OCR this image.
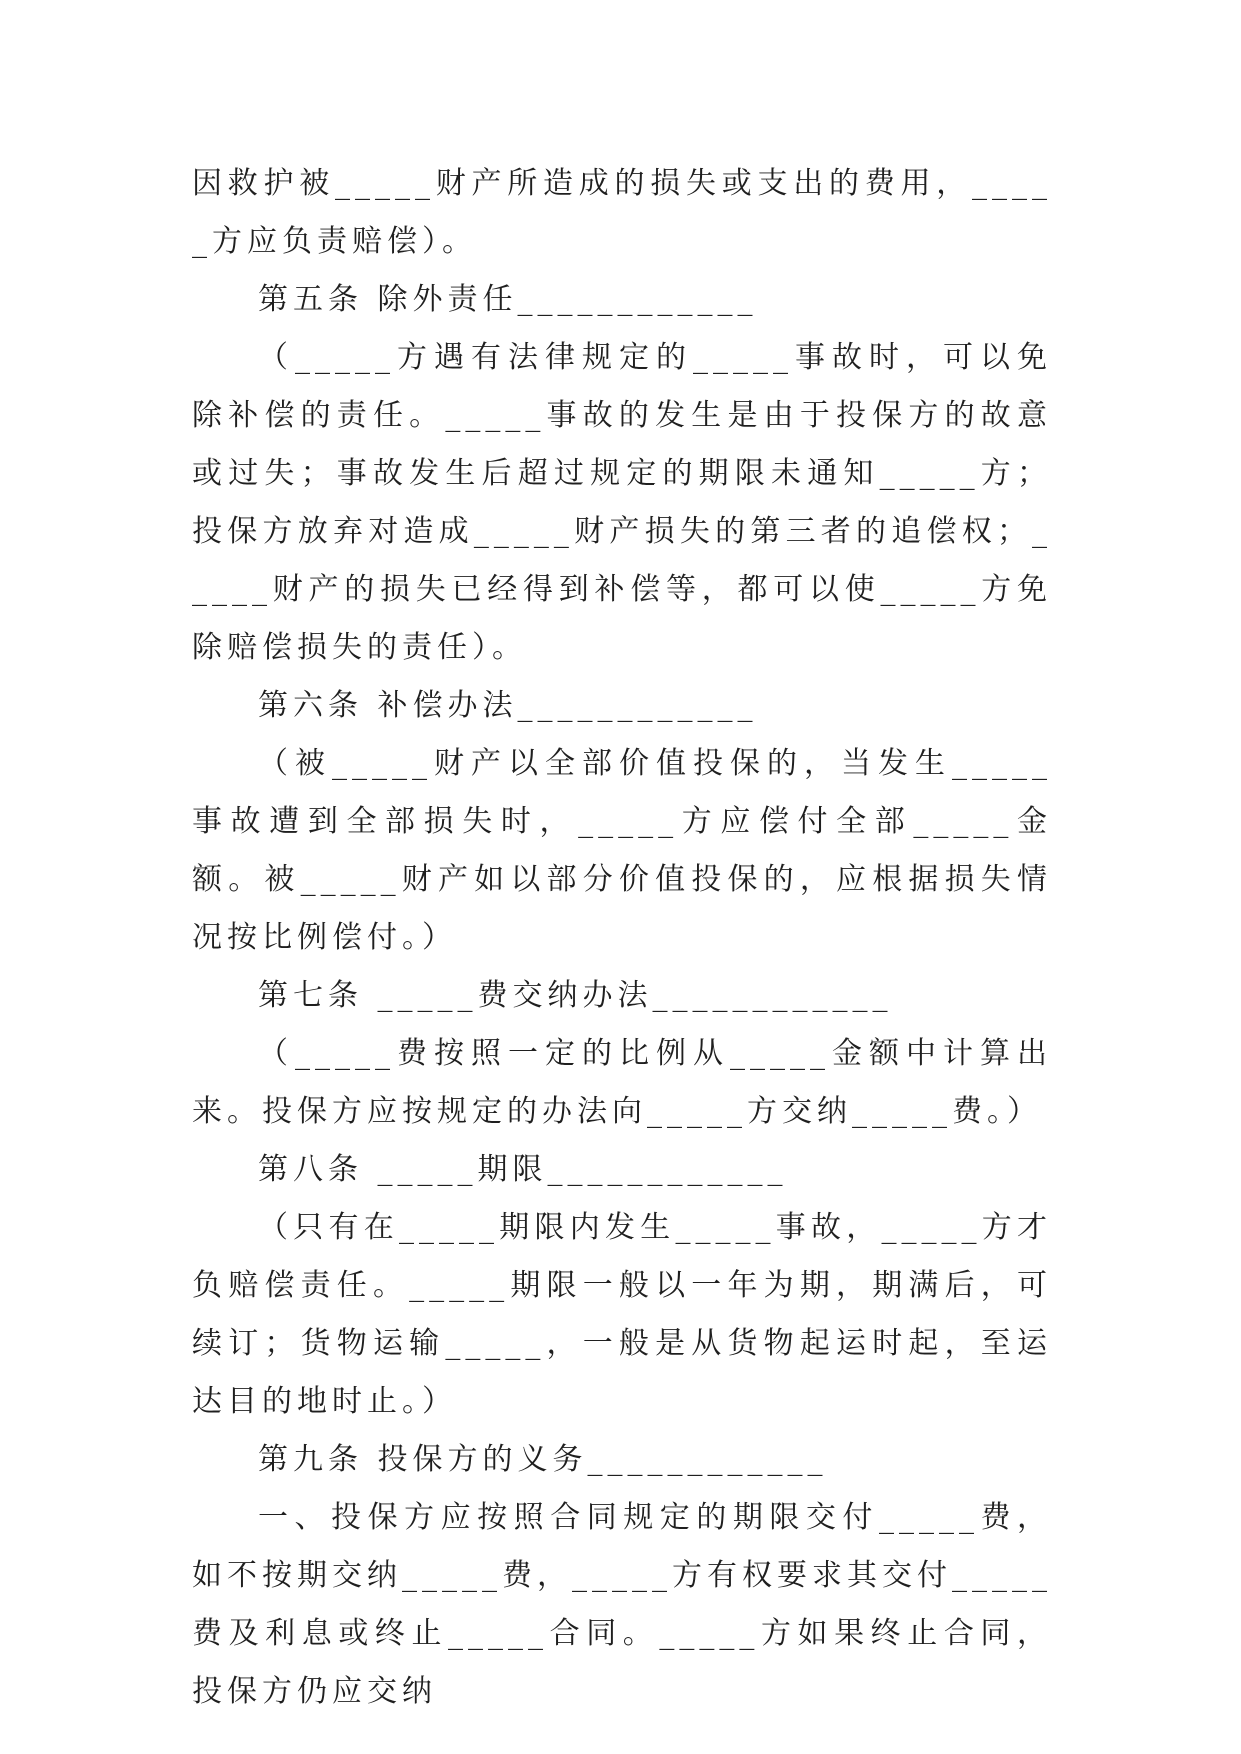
因救护被_____财产所造成的损失或支出的费用，_____方应负责赔偿）。

第五条 除外责任____________

（_____方遇有法律规定的_____事故时，可以免除补偿的责任。_____事故的发生是由于投保方的故意或过失；事故发生后超过规定的期限未通知_____方；投保方放弃对造成_____财产损失的第三者的追偿权；_____财产的损失已经得到补偿等，都可以使_____方免除赔偿损失的责任）。

第六条 补偿办法____________

（被_____财产以全部价值投保的，当发生_____事故遭到全部损失时，_____方应偿付全部_____金额。被_____财产如以部分价值投保的，应根据损失情况按比例偿付。）

第七条 _____费交纳办法____________

（_____费按照一定的比例从_____金额中计算出来。投保方应按规定的办法向_____方交纳_____费。）

第八条 _____期限____________

（只有在_____期限内发生_____事故，_____方才负赔偿责任。_____期限一般以一年为期，期满后，可续订；货物运输_____，一般是从货物起运时起，至运达目的地时止。）

第九条 投保方的义务____________

一、投保方应按照合同规定的期限交付_____费，如不按期交纳_____费，_____方有权要求其交付_____费及利息或终止_____合同。_____方如果终止合同，投保方仍应交纳
